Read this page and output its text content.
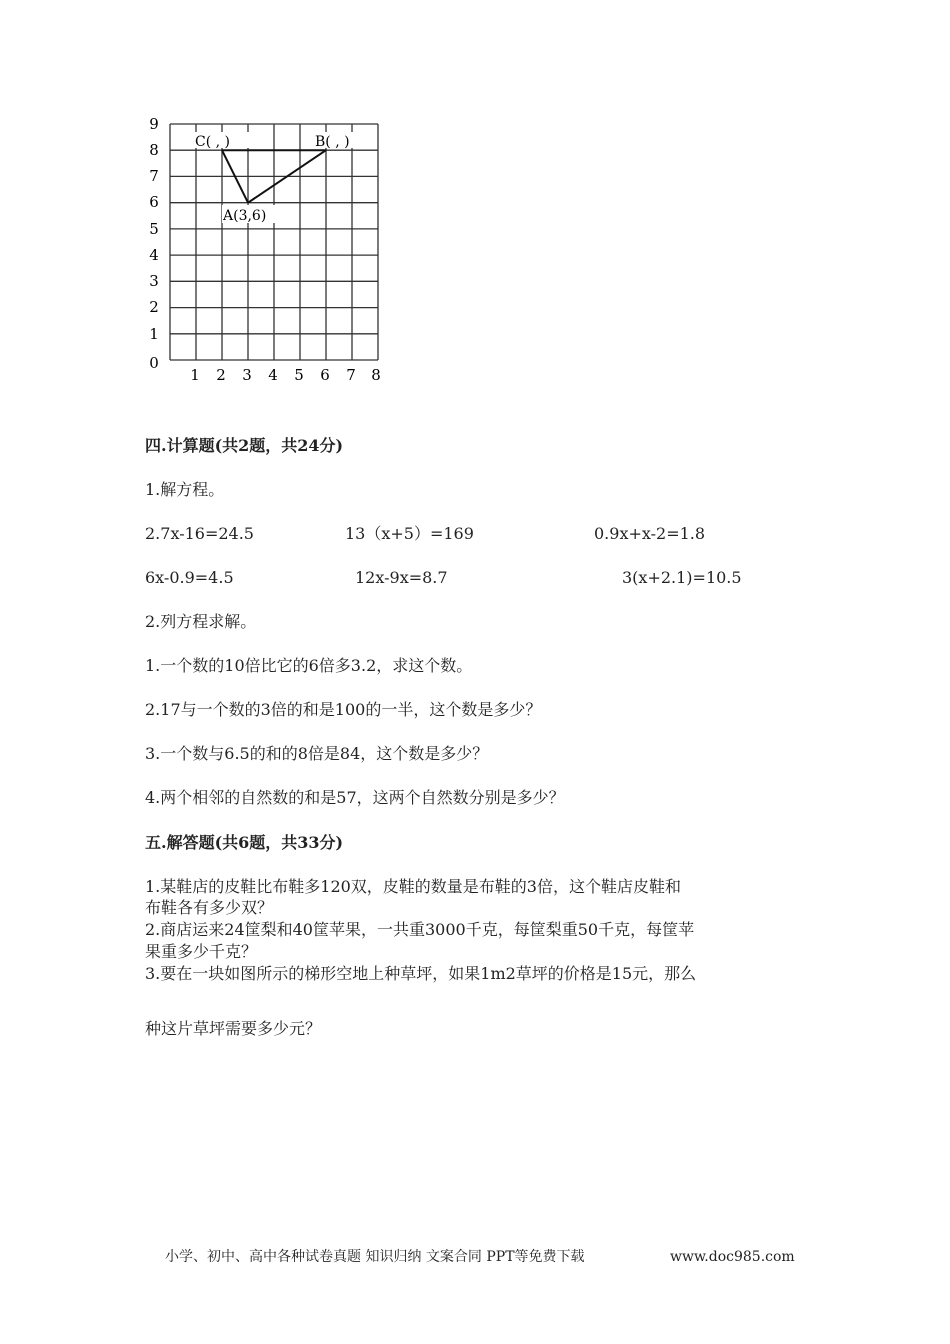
C( , )	B( , )
A(3,6)
9
8
7
6
5
4
3
2
1
0
1 2 3 4 5 6 7 8
四.计算题(共2题，共24分)
1.解方程。
2.7x-16=24.5	13（x+5）=169	0.9x+x-2=1.8
6x-0.9=4.5	12x-9x=8.7	3(x+2.1)=10.5
2.列方程求解。
1.一个数的10倍比它的6倍多3.2，求这个数。
2.17与一个数的3倍的和是100的一半，这个数是多少？
3.一个数与6.5的和的8倍是84，这个数是多少？
4.两个相邻的自然数的和是57，这两个自然数分别是多少？
五.解答题(共6题，共33分)
1.某鞋店的皮鞋比布鞋多120双，皮鞋的数量是布鞋的3倍，这个鞋店皮鞋和
布鞋各有多少双？
2.商店运来24筐梨和40筐苹果，一共重3000千克，每筐梨重50千克，每筐苹
果重多少千克？
3.要在一块如图所示的梯形空地上种草坪，如果1m2草坪的价格是15元，那么
种这片草坪需要多少元？
小学、初中、高中各种试卷真题 知识归纳 文案合同 PPT等免费下载	www.doc985.com
